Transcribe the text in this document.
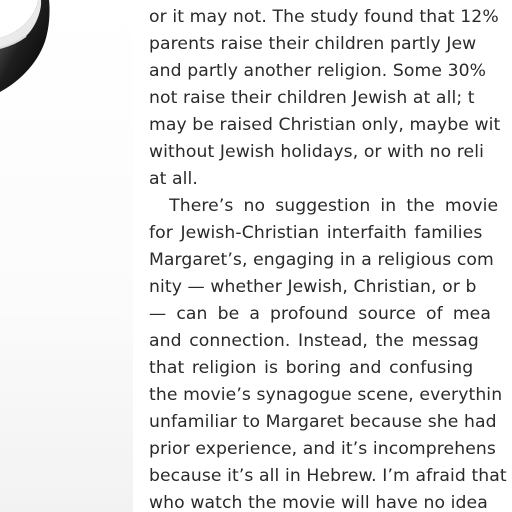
or it may not. The study found that 12%
parents raise their children partly Jew
and partly another religion. Some 30%
not raise their children Jewish at all; t
may be raised Christian only, maybe wit
without Jewish holidays, or with no reli
at all.
There’s no suggestion in the movie
for Jewish-Christian interfaith families
Margaret’s, engaging in a religious com
nity — whether Jewish, Christian, or b
— can be a profound source of mea
and connection. Instead, the messag
that religion is boring and confusing
the movie’s synagogue scene, everythin
unfamiliar to Margaret because she had
prior experience, and it’s incomprehens
because it’s all in Hebrew. I’m afraid that
who watch the movie will have no idea
